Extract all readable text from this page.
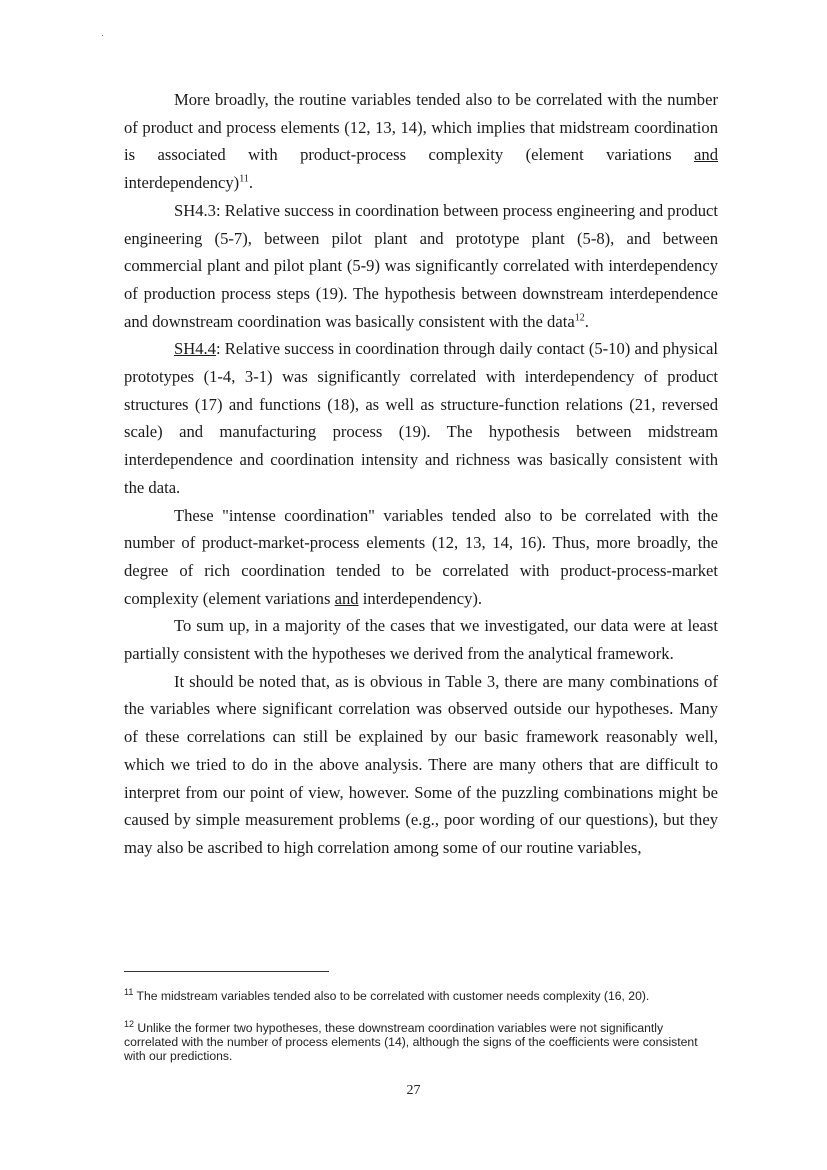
More broadly, the routine variables tended also to be correlated with the number of product and process elements (12, 13, 14), which implies that midstream coordination is associated with product-process complexity (element variations and interdependency)$^{11}$.

SH4.3: Relative success in coordination between process engineering and product engineering (5-7), between pilot plant and prototype plant (5-8), and between commercial plant and pilot plant (5-9) was significantly correlated with interdependency of production process steps (19). The hypothesis between downstream interdependence and downstream coordination was basically consistent with the data$^{12}$.

SH4.4: Relative success in coordination through daily contact (5-10) and physical prototypes (1-4, 3-1) was significantly correlated with interdependency of product structures (17) and functions (18), as well as structure-function relations (21, reversed scale) and manufacturing process (19). The hypothesis between midstream interdependence and coordination intensity and richness was basically consistent with the data.

These "intense coordination" variables tended also to be correlated with the number of product-market-process elements (12, 13, 14, 16). Thus, more broadly, the degree of rich coordination tended to be correlated with product-process-market complexity (element variations and interdependency).

To sum up, in a majority of the cases that we investigated, our data were at least partially consistent with the hypotheses we derived from the analytical framework.

It should be noted that, as is obvious in Table 3, there are many combinations of the variables where significant correlation was observed outside our hypotheses. Many of these correlations can still be explained by our basic framework reasonably well, which we tried to do in the above analysis. There are many others that are difficult to interpret from our point of view, however. Some of the puzzling combinations might be caused by simple measurement problems (e.g., poor wording of our questions), but they may also be ascribed to high correlation among some of our routine variables,

$^{11}$ The midstream variables tended also to be correlated with customer needs complexity (16, 20).
$^{12}$ Unlike the former two hypotheses, these downstream coordination variables were not significantly correlated with the number of process elements (14), although the signs of the coefficients were consistent with our predictions.
27
